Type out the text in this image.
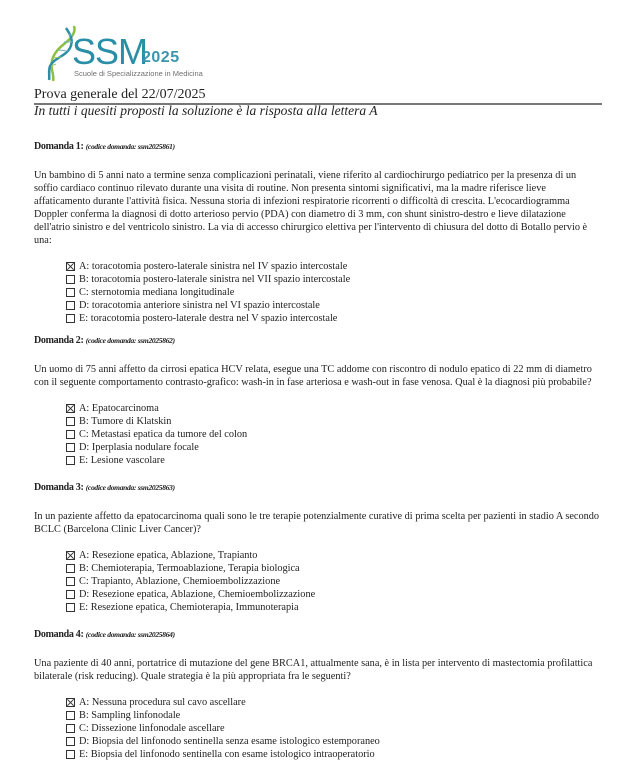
SSM
2025
Scuole di Specializzazione in Medicina
Prova generale del 22/07/2025
In tutti i quesiti proposti la soluzione è la risposta alla lettera A
Domanda 1: (codice domanda: ssm2025861)
Un bambino di 5 anni nato a termine senza complicazioni perinatali, viene riferito al cardiochirurgo pediatrico per la presenza di un soffio cardiaco continuo rilevato durante una visita di routine. Non presenta sintomi significativi, ma la madre riferisce lieve affaticamento durante l'attività fisica. Nessuna storia di infezioni respiratorie ricorrenti o difficoltà di crescita. L'ecocardiogramma Doppler conferma la diagnosi di dotto arterioso pervio (PDA) con diametro di 3 mm, con shunt sinistro-destro e lieve dilatazione dell'atrio sinistro e del ventricolo sinistro. La via di accesso chirurgico elettiva per l'intervento di chiusura del dotto di Botallo pervio è una:
A: toracotomia postero-laterale sinistra nel IV spazio intercostale
B: toracotomia postero-laterale sinistra nel VII spazio intercostale
C: sternotomia mediana longitudinale
D: toracotomia anteriore sinistra nel VI spazio intercostale
E: toracotomia postero-laterale destra nel V spazio intercostale
Domanda 2: (codice domanda: ssm2025862)
Un uomo di 75 anni affetto da cirrosi epatica HCV relata, esegue una TC addome con riscontro di nodulo epatico di 22 mm di diametro con il seguente comportamento contrasto-grafico: wash-in in fase arteriosa e wash-out in fase venosa. Qual è la diagnosi più probabile?
A: Epatocarcinoma
B: Tumore di Klatskin
C: Metastasi epatica da tumore del colon
D: Iperplasia nodulare focale
E: Lesione vascolare
Domanda 3: (codice domanda: ssm2025863)
In un paziente affetto da epatocarcinoma quali sono le tre terapie potenzialmente curative di prima scelta per pazienti in stadio A secondo BCLC (Barcelona Clinic Liver Cancer)?
A: Resezione epatica, Ablazione, Trapianto
B: Chemioterapia, Termoablazione, Terapia biologica
C: Trapianto, Ablazione, Chemioembolizzazione
D: Resezione epatica, Ablazione, Chemioembolizzazione
E: Resezione epatica, Chemioterapia, Immunoterapia
Domanda 4: (codice domanda: ssm2025864)
Una paziente di 40 anni, portatrice di mutazione del gene BRCA1, attualmente sana, è in lista per intervento di mastectomia profilattica bilaterale (risk reducing). Quale strategia è la più appropriata fra le seguenti?
A: Nessuna procedura sul cavo ascellare
B: Sampling linfonodale
C: Dissezione linfonodale ascellare
D: Biopsia del linfonodo sentinella senza esame istologico estemporaneo
E: Biopsia del linfonodo sentinella con esame istologico intraoperatorio
